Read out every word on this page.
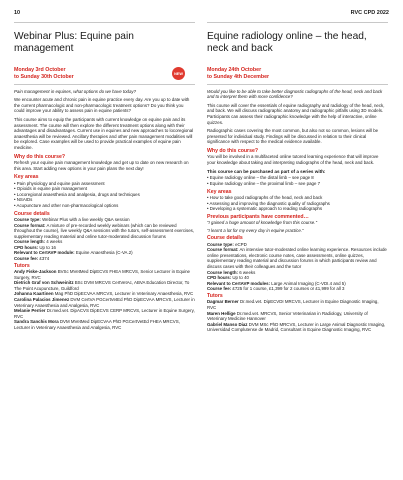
10	RVC CPD 2022
Webinar Plus: Equine pain management
Monday 3rd October
to Sunday 30th October	NEW
Pain management in equines, what options do we have today?

We encounter acute and chronic pain in equine practice every day. Are you up to date with the current pharmacologic and non-pharmacologic treatment options? Do you think you could improve your ability to assess pain in equine patients?

This course aims to equip the participants with current knowledge on equine pain and its assessment. The course will then explore the different treatment options along with their advantages and disadvantages. Current use in equines and new approaches to locoregional anaesthesia will be reviewed. Ancillary therapies and other pain management modalities will be explored. Case examples will be used to provide practical examples of equine pain medicine.

Why do this course?

Refresh your equine pain management knowledge and get up to date on new research on this area. Start adding new options in your pain plans the next day!

Key areas
• Pain physiology and equine pain assessment
• Opioids in equine pain management
• Locoregional anaesthesia and analgesia, drugs and techniques
• NSAIDs
• Acupuncture and other non-pharmacological options
Course details
Course type: Webinar Plus with a live weekly Q&A session
Course format: A mixture of pre-recorded weekly webinars (which can be reviewed throughout the course), live weekly Q&A sessions with the tutors, self-assessment exercises, supplementary reading material and online tutor-moderated discussion forums
Course length: 4 weeks
CPD hours: Up to 16
Relevant to CertAVP module: Equine Anaesthesia (C-VA.2)
Course fee: £374
Tutors
Andy Fiske-Jackson BVSc MVetMed DipECVS FHEA MRCVS, Senior Lecturer in Equine Surgery, RVC
Dietrich Graf von Schweinitz BSc DVM MRCVS CertVetAc, ABVA Education Director, To The Point Acupuncture, Guildford
Johanna Kaartinen Mag PhD DipECVAA MRCVS, Lecturer in Veterinary Anaesthesia, RVC
Carolina Palacios Jimenez DVM CertVA PGCertVetEd PhD DipECVAA MRCVS, Lecturer in Veterinary Anaesthesia and Analgesia, RVC
Melanie Perrier Dr.med.vet. DipACVS DipECVS CERP MRCVS, Lecturer in Equine Surgery, RVC
Sandra Sanchis Mora DVM MVetMed DipECVAA PhD PGCertVetEd FHEA MRCVS, Lecturer in Veterinary Anaesthesia and Analgesia, RVC
Equine radiology online – the head, neck and back
Monday 24th October
to Sunday 4th December
Would you like to be able to take better diagnostic radiographs of the head, neck and back and to interpret them with more confidence?

This course will cover the essentials of equine radiography and radiology of the head, neck, and back. We will discuss radiographic anatomy and radiographic pitfalls using 3D models. Participants can assess their radiographic knowledge with the help of interactive, online quizzes.

Radiographic cases covering the most common, but also not so common, lesions will be presented for individual study. Findings will be discussed in relation to their clinical significance with respect to the medical evidence available.

Why do this course?

You will be involved in a multifaceted online tutored learning experience that will improve your knowledge about taking and interpreting radiographs of the head, neck and back.

This course can be purchased as part of a series with:
• Equine radiology online – the distal limb – see page 8
• Equine radiology online – the proximal limb – see page 7
Key areas
• How to take good radiographs of the head, neck and back
• Assessing and improving the diagnostic quality of radiographs
• Developing a systematic approach to reading radiographs
Previous participants have commented…
"I gained a huge amount of knowledge from this course."
"I learnt a lot for my every day in equine practice."
Course details
Course type: eCPD
Course format: An intensive tutor-moderated online learning experience. Resources include online presentations, electronic course notes, case assessments, online quizzes, supplementary reading material and discussion forums in which participants review and discuss cases with their colleagues and the tutor
Course length: 6 weeks
CPD hours: Up to 40
Relevant to CertAVP modules: Large Animal Imaging (C-VDI.4 and 5)
Course fee: £725 for 1 course, £1,399 for 2 courses or £1,999 for all 3
Tutors
Dagmar Berner Dr.med.vet. DipECVDI MRCVS, Lecturer in Equine Diagnostic Imaging, RVC
Maren Hellige Dr.med.vet. MRCVS, Senior Veterinarian in Radiology, University of Veterinary Medicine Hannover
Gabriel Manso Diaz DVM MSc PhD MRCVS, Lecturer in Large Animal Diagnostic Imaging, Universidad Complutense de Madrid, Consultant in Equine Diagnostic Imaging, RVC
